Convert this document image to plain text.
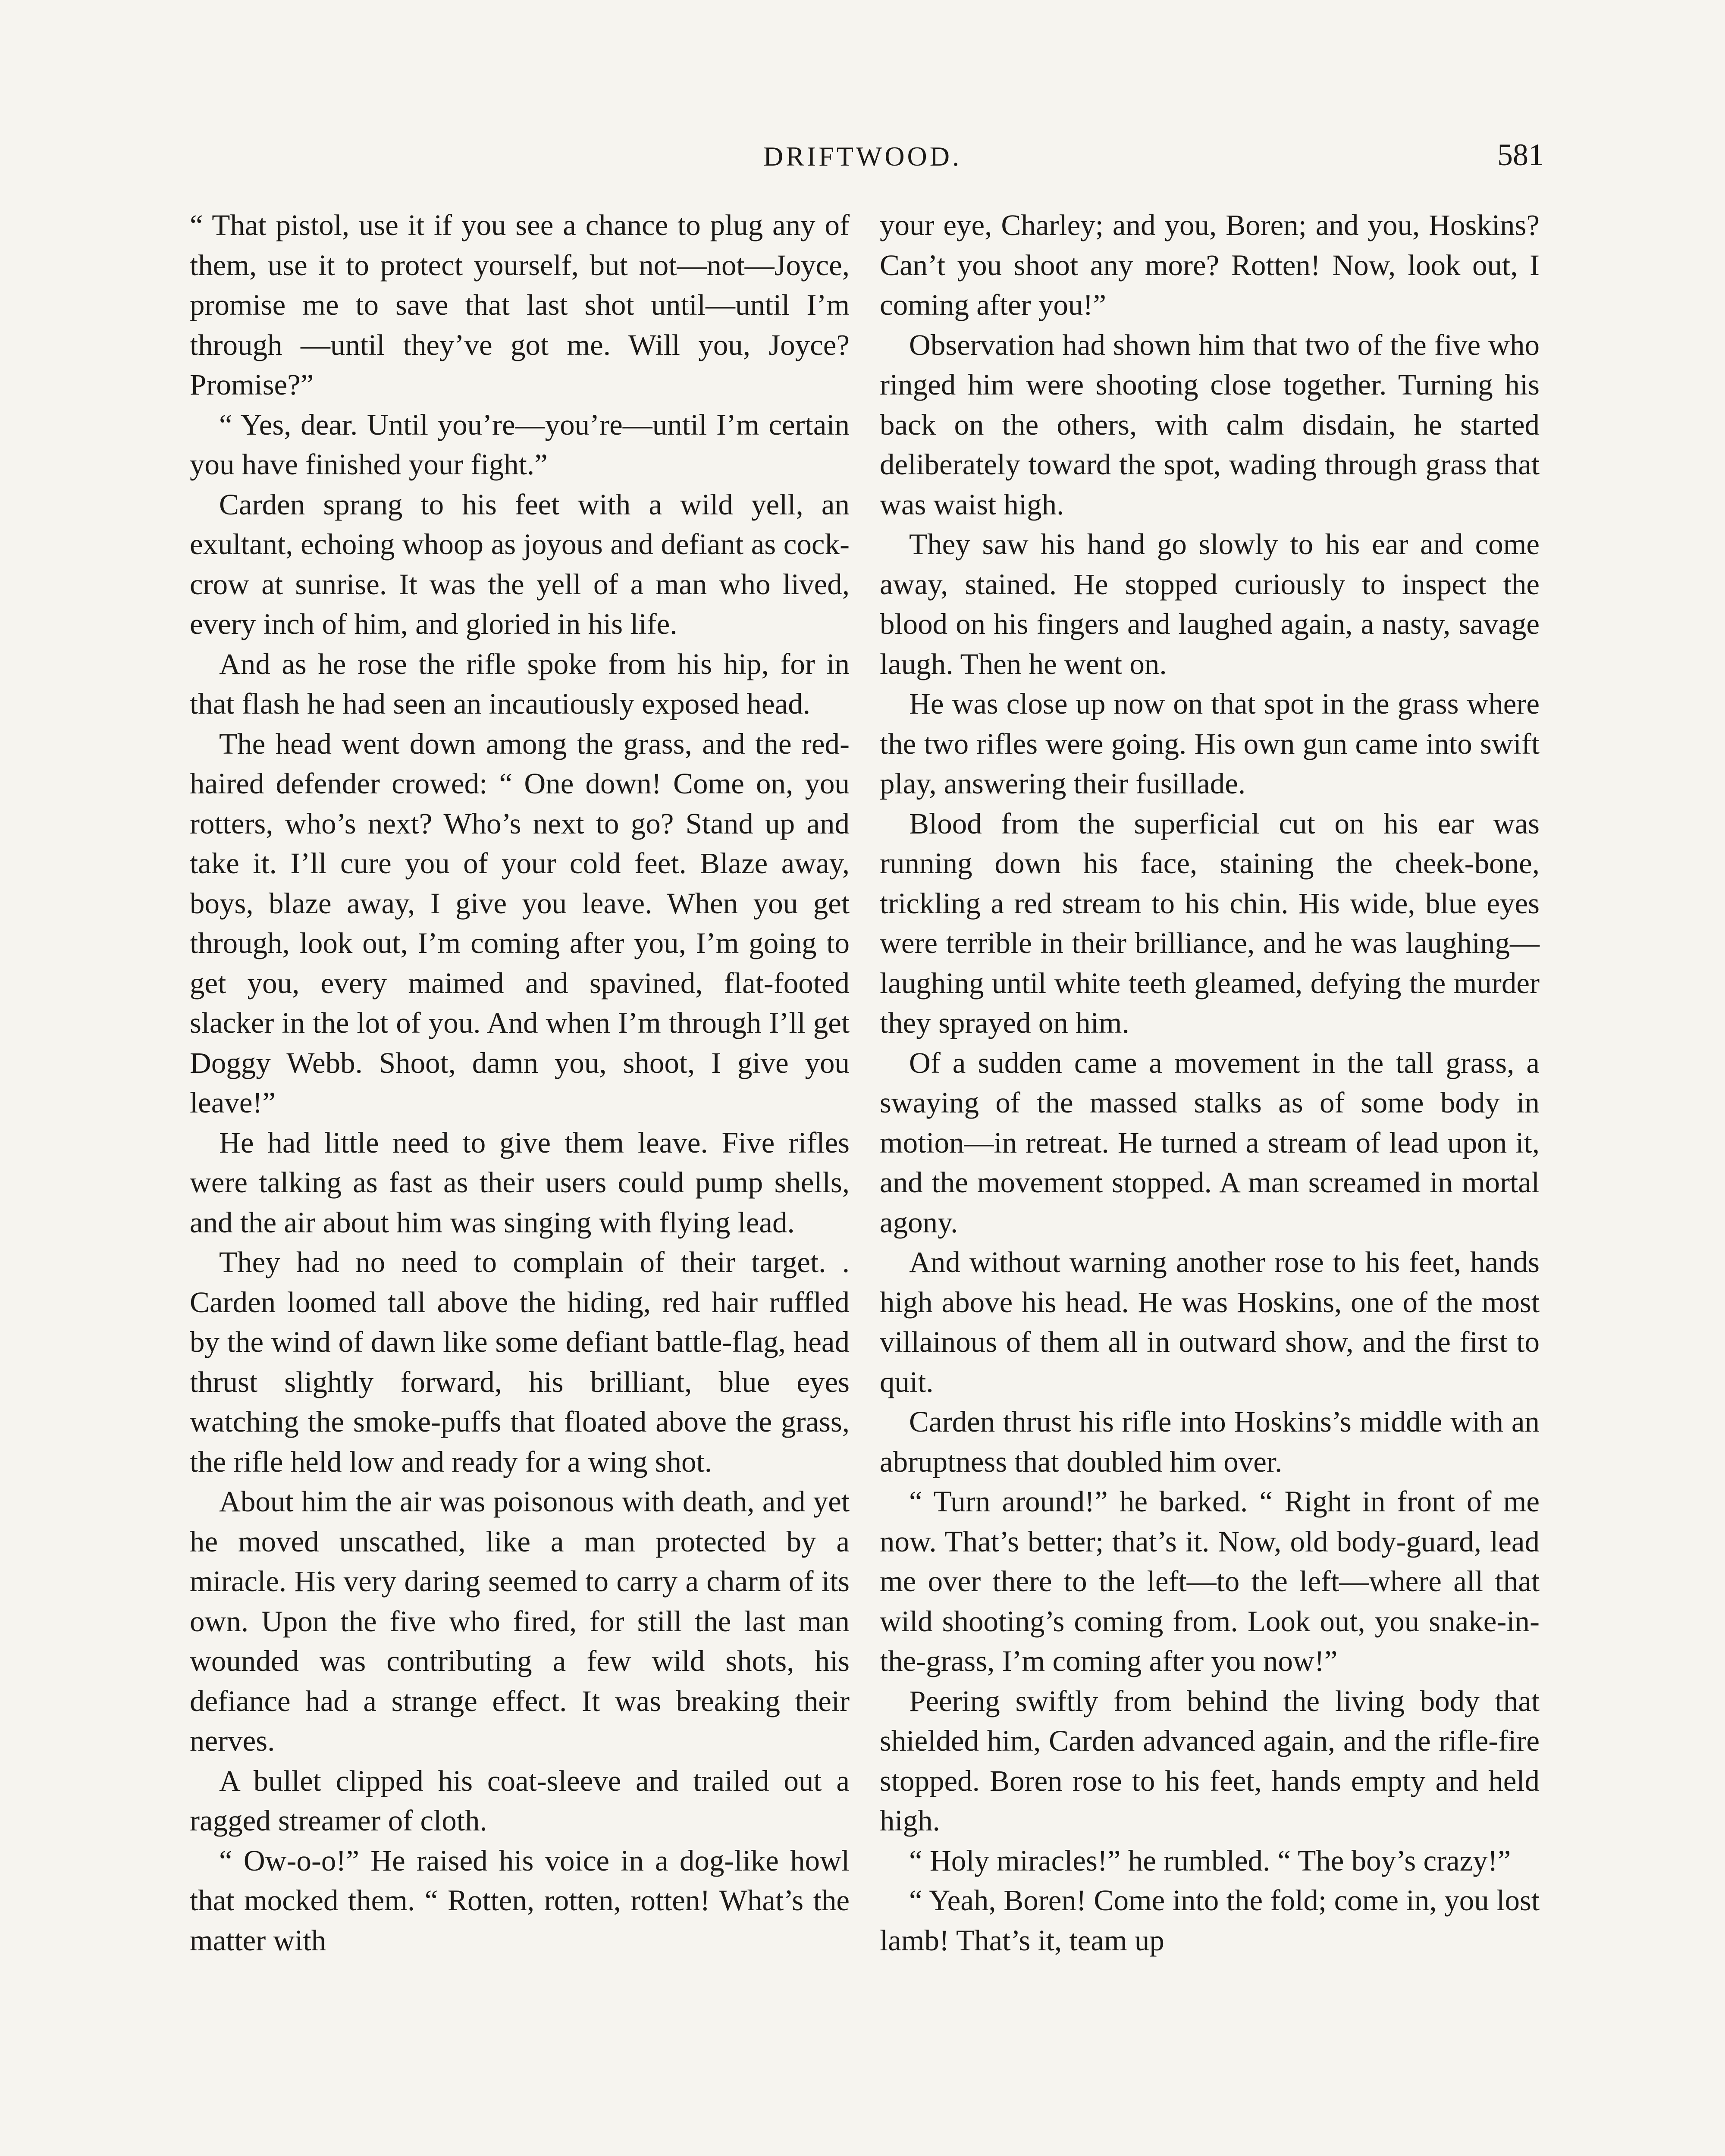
DRIFTWOOD.	581

“ That pistol, use it if you see a chance to plug any of them, use it to protect yourself, but not—not—Joyce, promise me to save that last shot until—until I’m through —until they’ve got me. Will you, Joyce? Promise?”

“ Yes, dear. Until you’re—you’re—until I’m certain you have finished your fight.”

Carden sprang to his feet with a wild yell, an exultant, echoing whoop as joyous and defiant as cock-crow at sunrise. It was the yell of a man who lived, every inch of him, and gloried in his life.

And as he rose the rifle spoke from his hip, for in that flash he had seen an incautiously exposed head.

The head went down among the grass, and the red-haired defender crowed: “ One down! Come on, you rotters, who’s next? Who’s next to go? Stand up and take it. I’ll cure you of your cold feet. Blaze away, boys, blaze away, I give you leave. When you get through, look out, I’m coming after you, I’m going to get you, every maimed and spavined, flat-footed slacker in the lot of you. And when I’m through I’ll get Doggy Webb. Shoot, damn you, shoot, I give you leave!”

He had little need to give them leave. Five rifles were talking as fast as their users could pump shells, and the air about him was singing with flying lead.

They had no need to complain of their target. . Carden loomed tall above the hiding, red hair ruffled by the wind of dawn like some defiant battle-flag, head thrust slightly forward, his brilliant, blue eyes watching the smoke-puffs that floated above the grass, the rifle held low and ready for a wing shot.

About him the air was poisonous with death, and yet he moved unscathed, like a man protected by a miracle. His very daring seemed to carry a charm of its own. Upon the five who fired, for still the last man wounded was contributing a few wild shots, his defiance had a strange effect. It was breaking their nerves.

A bullet clipped his coat-sleeve and trailed out a ragged streamer of cloth.

“ Ow-o-o!” He raised his voice in a dog-like howl that mocked them. “ Rotten, rotten, rotten! What’s the matter with

your eye, Charley; and you, Boren; and you, Hoskins? Can’t you shoot any more? Rotten! Now, look out, I coming after you!”

Observation had shown him that two of the five who ringed him were shooting close together. Turning his back on the others, with calm disdain, he started deliberately toward the spot, wading through grass that was waist high.

They saw his hand go slowly to his ear and come away, stained. He stopped curiously to inspect the blood on his fingers and laughed again, a nasty, savage laugh. Then he went on.

He was close up now on that spot in the grass where the two rifles were going. His own gun came into swift play, answering their fusillade.

Blood from the superficial cut on his ear was running down his face, staining the cheek-bone, trickling a red stream to his chin. His wide, blue eyes were terrible in their brilliance, and he was laughing—laughing until white teeth gleamed, defying the murder they sprayed on him.

Of a sudden came a movement in the tall grass, a swaying of the massed stalks as of some body in motion—in retreat. He turned a stream of lead upon it, and the movement stopped. A man screamed in mortal agony.

And without warning another rose to his feet, hands high above his head. He was Hoskins, one of the most villainous of them all in outward show, and the first to quit.

Carden thrust his rifle into Hoskins’s middle with an abruptness that doubled him over.

“ Turn around!” he barked. “ Right in front of me now. That’s better; that’s it. Now, old body-guard, lead me over there to the left—to the left—where all that wild shooting’s coming from. Look out, you snake-in-the-grass, I’m coming after you now!”

Peering swiftly from behind the living body that shielded him, Carden advanced again, and the rifle-fire stopped. Boren rose to his feet, hands empty and held high.

“ Holy miracles!” he rumbled. “ The boy’s crazy!”

“ Yeah, Boren! Come into the fold; come in, you lost lamb! That’s it, team up
